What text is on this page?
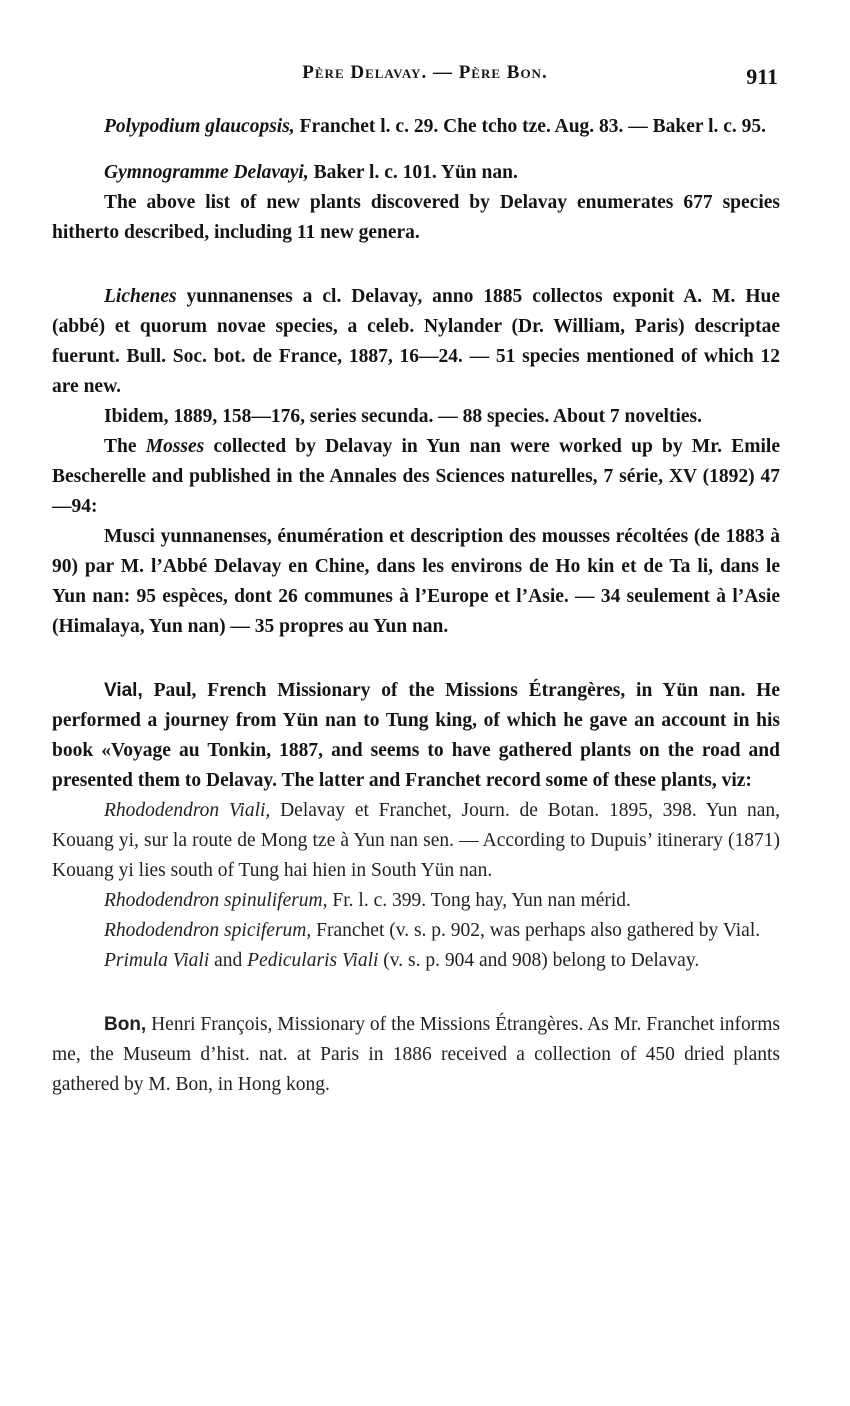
Père Delavay. — Père Bon.	911

Polypodium glaucopsis, Franchet l. c. 29. Che tcho tze. Aug. 83. — Baker l. c. 95.

Gymnogramme Delavayi, Baker l. c. 101. Yün nan.

The above list of new plants discovered by Delavay enumerates 677 species hitherto described, including 11 new genera.

Lichenes yunnanenses a cl. Delavay, anno 1885 collectos exponit A. M. Hue (abbé) et quorum novae species, a celeb. Nylander (Dr. William, Paris) descriptae fuerunt. Bull. Soc. bot. de France, 1887, 16—24. — 51 species mentioned of which 12 are new.

Ibidem, 1889, 158—176, series secunda. — 88 species. About 7 novelties.

The Mosses collected by Delavay in Yun nan were worked up by Mr. Emile Bescherelle and published in the Annales des Sciences naturelles, 7 série, XV (1892) 47—94:

Musci yunnanenses, énumération et description des mousses récoltées (de 1883 à 90) par M. l’Abbé Delavay en Chine, dans les environs de Ho kin et de Ta li, dans le Yun nan: 95 espèces, dont 26 communes à l’Europe et l’Asie. — 34 seulement à l’Asie (Himalaya, Yun nan) — 35 propres au Yun nan.

Vial, Paul, French Missionary of the Missions Étrangères, in Yün nan. He performed a journey from Yün nan to Tung king, of which he gave an account in his book «Voyage au Tonkin, 1887, and seems to have gathered plants on the road and presented them to Delavay. The latter and Franchet record some of these plants, viz:

Rhododendron Viali, Delavay et Franchet, Journ. de Botan. 1895, 398. Yun nan, Kouang yi, sur la route de Mong tze à Yun nan sen. — According to Dupuis’ itinerary (1871) Kouang yi lies south of Tung hai hien in South Yün nan.

Rhododendron spinuliferum, Fr. l. c. 399. Tong hay, Yun nan mérid.

Rhododendron spiciferum, Franchet (v. s. p. 902, was perhaps also gathered by Vial.

Primula Viali and Pedicularis Viali (v. s. p. 904 and 908) belong to Delavay.

Bon, Henri François, Missionary of the Missions Étrangères. As Mr. Franchet informs me, the Museum d’hist. nat. at Paris in 1886 received a collection of 450 dried plants gathered by M. Bon, in Hong kong.
